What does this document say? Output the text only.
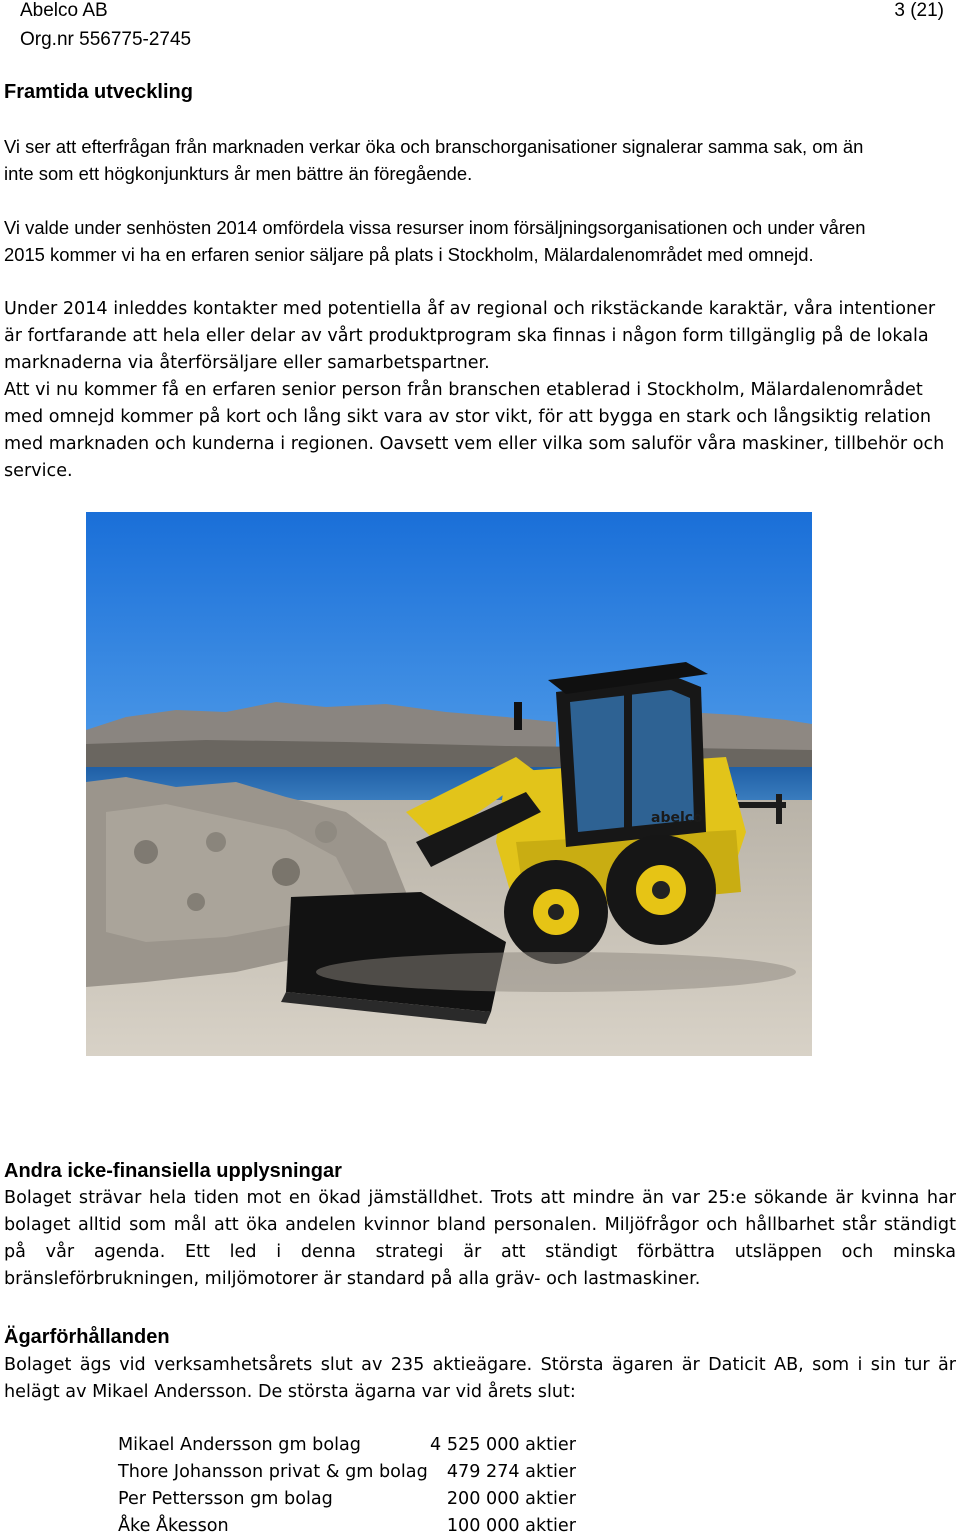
Abelco AB
Org.nr 556775-2745
3 (21)
Framtida utveckling
Vi ser att efterfrågan från marknaden verkar öka och branschorganisationer signalerar samma sak, om än
inte som ett högkonjunkturs år men bättre än föregående.
Vi valde under senhösten 2014 omfördela vissa resurser inom försäljningsorganisationen och under våren
2015 kommer vi ha en erfaren senior säljare på plats i Stockholm, Mälardalenområdet med omnejd.
Under 2014 inleddes kontakter med potentiella åf av regional och rikstäckande karaktär, våra intentioner
är fortfarande att hela eller delar av vårt produktprogram ska finnas i någon form tillgänglig på de lokala
marknaderna via återförsäljare eller samarbetspartner.
Att vi nu kommer få en erfaren senior person från branschen etablerad i Stockholm, Mälardalenområdet
med omnejd kommer på kort och lång sikt vara av stor vikt, för att bygga en stark och långsiktig relation
med marknaden och kunderna i regionen. Oavsett vem eller vilka som saluför våra maskiner, tillbehör och
service.
abelco
Andra icke-finansiella upplysningar
Bolaget strävar hela tiden mot en ökad jämställdhet. Trots att mindre än var 25:e sökande är kvinna har
bolaget alltid som mål att öka andelen kvinnor bland personalen. Miljöfrågor och hållbarhet står ständigt
på vår agenda. Ett led i denna strategi är att ständigt förbättra utsläppen och minska
bränsleförbrukningen, miljömotorer är standard på alla gräv- och lastmaskiner.
Ägarförhållanden
Bolaget ägs vid verksamhetsårets slut av 235 aktieägare. Största ägaren är Daticit AB, som i sin tur är
helägt av Mikael Andersson. De största ägarna var vid årets slut:
Mikael Andersson gm bolag	4 525 000 aktier
Thore Johansson privat & gm bolag 479 274 aktier
Per Pettersson gm bolag	200 000 aktier
Åke Åkesson	100 000 aktier
